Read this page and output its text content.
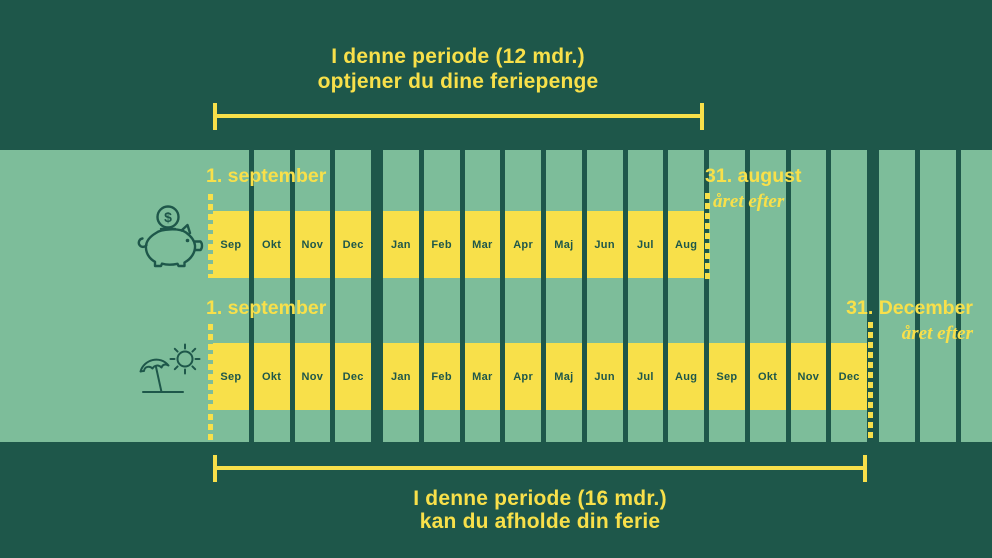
I denne periode (12 mdr.)
optjener du dine feriepenge
Sep Okt Nov Dec Jan Feb Mar Apr Maj Jun Jul Aug
Sep Okt Nov Dec Jan Feb Mar Apr Maj Jun Jul Aug Sep Okt Nov Dec
1. september	31. august
året efter
1. september	31. December
året efter
$
I denne periode (16 mdr.)
kan du afholde din ferie
